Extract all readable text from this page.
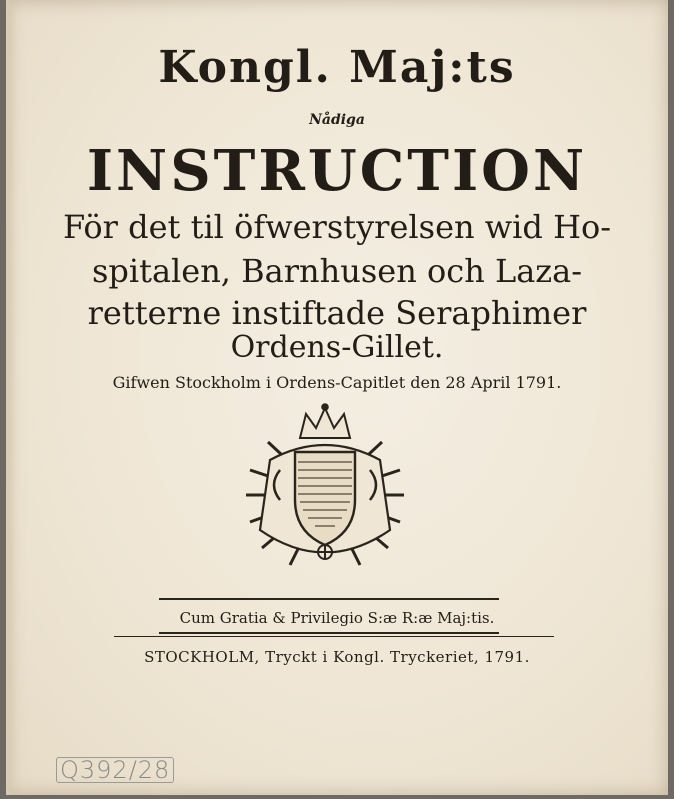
Kongl. Maj:ts
Nådiga
INSTRUCTION
För det til öfwerstyrelsen wid Ho-
spitalen, Barnhusen och Laza-
retterne instiftade Seraphimer
Ordens-Gillet.
Gifwen Stockholm i Ordens-Capitlet den 28 April 1791.
Cum Gratia & Privilegio S:æ R:æ Maj:tis.
STOCKHOLM, Tryckt i Kongl. Tryckeriet, 1791.
Q392/28
